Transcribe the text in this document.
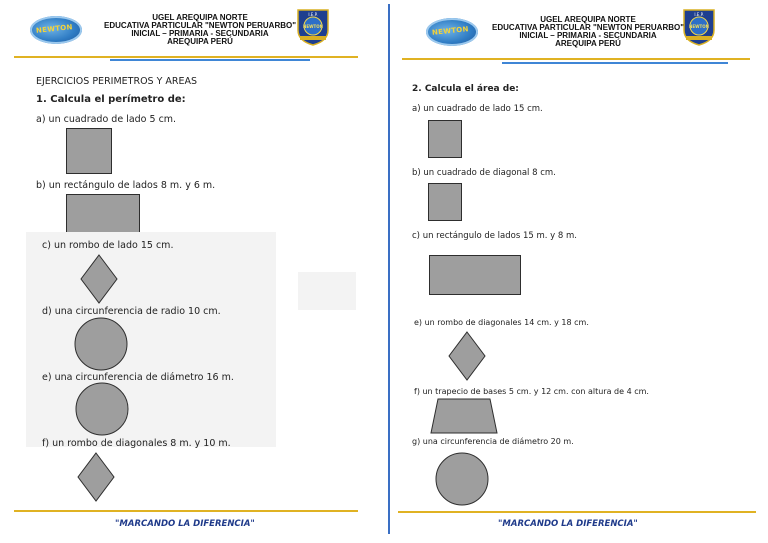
NEWTON
UGEL AREQUIPA NORTE
EDUCATIVA PARTICULAR "NEWTON PERUARBO"
INICIAL – PRIMARIA - SECUNDARIA
AREQUIPA PERÚ
I.E.P.
NEWTON
EJERCICIOS PERIMETROS Y AREAS
1. Calcula el perímetro de:
a) un cuadrado de lado 5 cm.
b) un rectángulo de lados 8 m. y 6 m.
c) un rombo de lado 15 cm.
d) una circunferencia de radio 10 cm.
e) una circunferencia de diámetro 16 m.
f) un rombo de diagonales 8 m. y 10 m.
"MARCANDO LA DIFERENCIA"
NEWTON
UGEL AREQUIPA NORTE
EDUCATIVA PARTICULAR "NEWTON PERUARBO"
INICIAL – PRIMARIA - SECUNDARIA
AREQUIPA PERÚ
I.E.P.
NEWTON
2. Calcula el área de:
a) un cuadrado de lado 15 cm.
b) un cuadrado de diagonal 8 cm.
c) un rectángulo de lados 15 m. y 8 m.
e) un rombo de diagonales 14 cm. y 18 cm.
f) un trapecio de bases 5 cm. y 12 cm. con altura de 4 cm.
g) una circunferencia de diámetro 20 m.
"MARCANDO LA DIFERENCIA"
